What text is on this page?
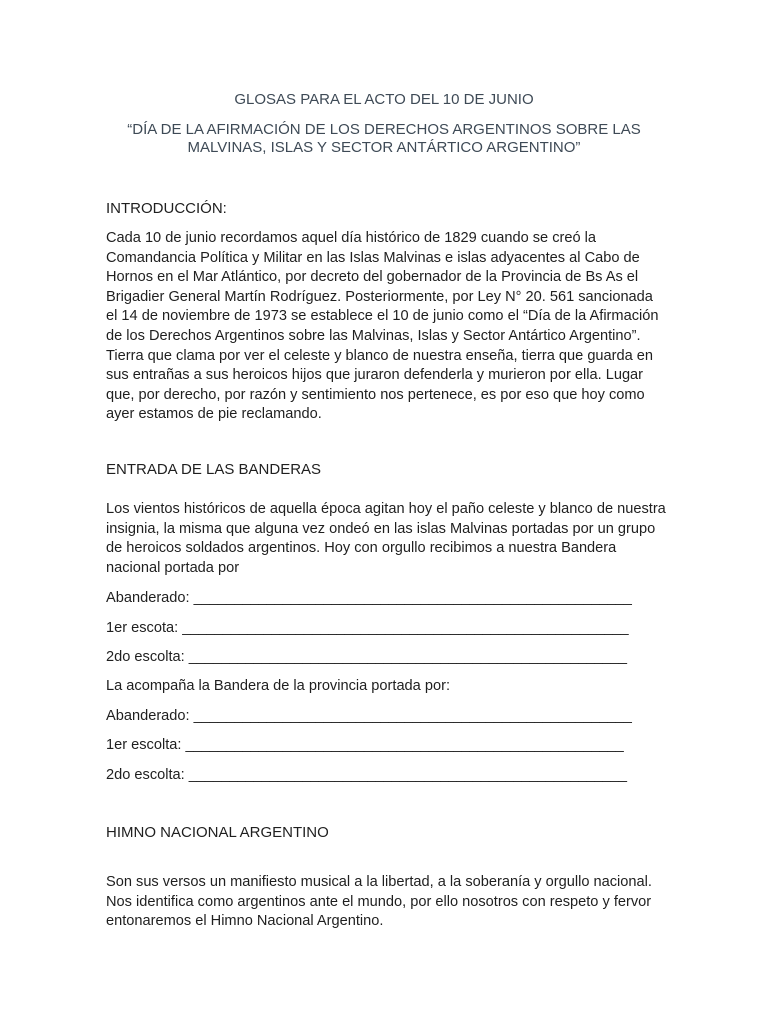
GLOSAS PARA EL ACTO DEL 10 DE JUNIO
“DÍA DE LA AFIRMACIÓN DE LOS DERECHOS ARGENTINOS SOBRE LAS
MALVINAS, ISLAS Y SECTOR ANTÁRTICO ARGENTINO”
INTRODUCCIÓN:
Cada 10 de junio recordamos aquel día histórico de 1829 cuando se creó la Comandancia Política y Militar en las Islas Malvinas e islas adyacentes al Cabo de Hornos en el Mar Atlántico, por decreto del gobernador de la Provincia de Bs As el Brigadier General Martín Rodríguez. Posteriormente, por Ley N° 20. 561 sancionada el 14 de noviembre de 1973 se establece el 10 de junio como el “Día de la Afirmación de los Derechos Argentinos sobre las Malvinas, Islas y Sector Antártico Argentino”. Tierra que clama por ver el celeste y blanco de nuestra enseña, tierra que guarda en sus entrañas a sus heroicos hijos que juraron defenderla y murieron por ella. Lugar que, por derecho, por razón y sentimiento nos pertenece, es por eso que hoy como ayer estamos de pie reclamando.
ENTRADA DE LAS BANDERAS
Los vientos históricos de aquella época agitan hoy el paño celeste y blanco de nuestra insignia, la misma que alguna vez ondeó en las islas Malvinas portadas por un grupo de heroicos soldados argentinos. Hoy con orgullo recibimos a nuestra Bandera nacional portada por
Abanderado: ______________________________________________________
1er escota: _______________________________________________________
2do escolta: ______________________________________________________
La acompaña la Bandera de la provincia portada por:
Abanderado: ______________________________________________________
1er escolta: ______________________________________________________
2do escolta: ______________________________________________________
HIMNO NACIONAL ARGENTINO
Son sus versos un manifiesto musical a la libertad, a la soberanía y orgullo nacional. Nos identifica como argentinos ante el mundo, por ello nosotros con respeto y fervor entonaremos el Himno Nacional Argentino.
